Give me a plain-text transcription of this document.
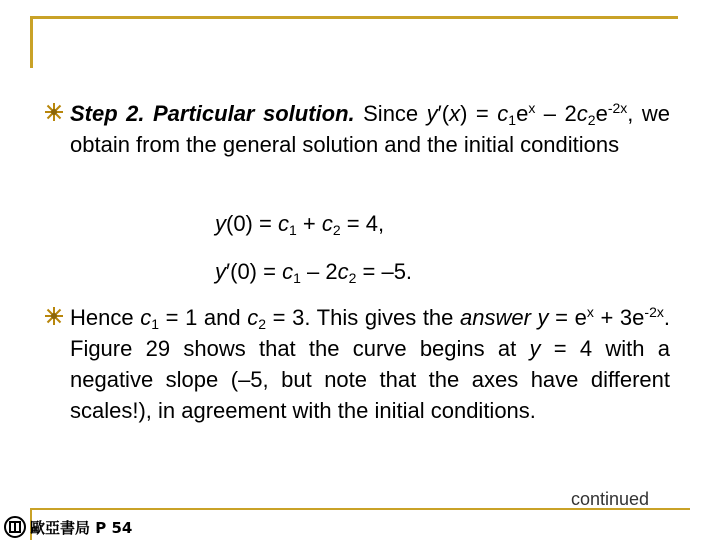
Step 2. Particular solution. Since $y'(x) = c_1e^x - 2c_2e^{-2x}$, we obtain from the general solution and the initial conditions
$y(0) = c_1 + c_2 = 4$,
$y'(0) = c_1 - 2c_2 = -5$.
Hence $c_1 = 1$ and $c_2 = 3$. This gives the answer $y = e^x + 3e^{-2x}$. Figure 29 shows that the curve begins at y = 4 with a negative slope (–5, but note that the axes have different scales!), in agreement with the initial conditions.
continued
歐亞書局 P 54
